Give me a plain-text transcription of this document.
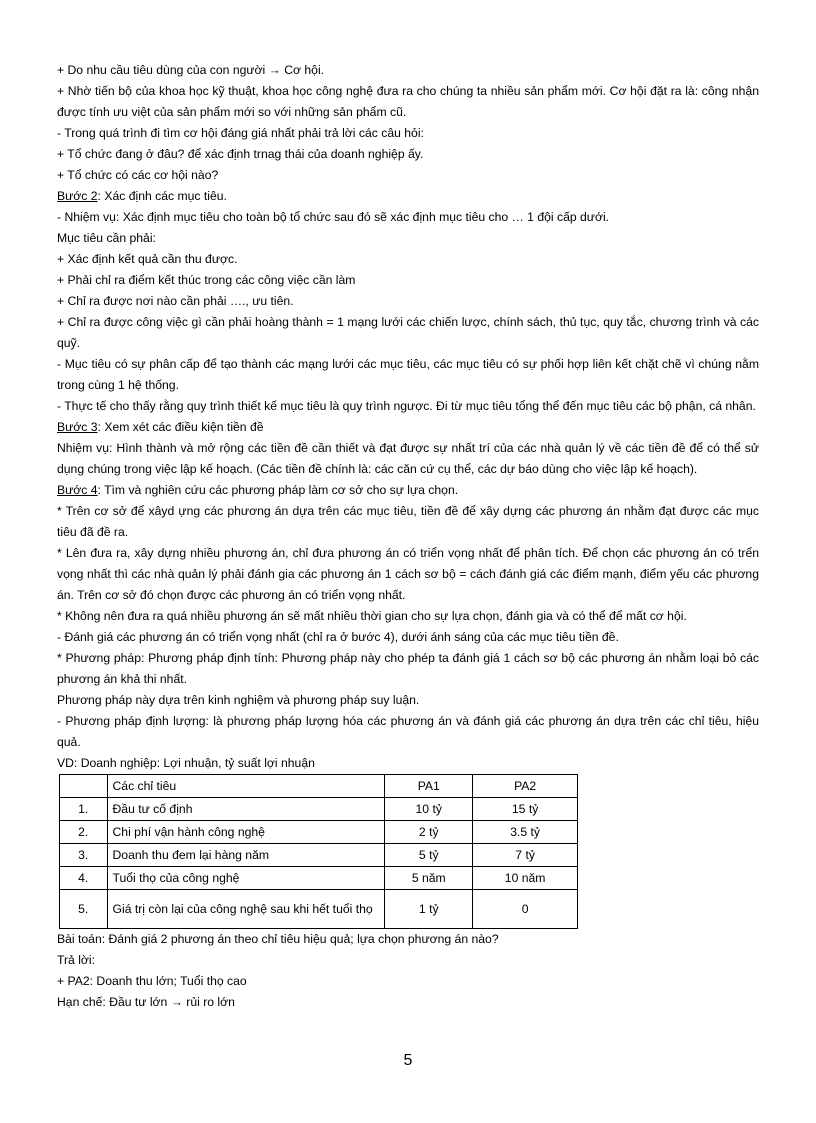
+ Do nhu cầu tiêu dùng của con người → Cơ hội.

+ Nhờ tiến bộ của khoa học kỹ thuật, khoa học công nghệ đưa ra cho chúng ta nhiều sản phẩm mới. Cơ hội đặt ra là: công nhận được tính ưu việt của sản phẩm mới so với những sản phẩm cũ.

- Trong quá trình đi tìm cơ hội đáng giá nhất phải trả lời các câu hỏi:

+ Tổ chức đang ở đâu? để xác định trnag thái của doanh nghiệp ấy.

+ Tổ chức có các cơ hội nào?

Bước 2: Xác định các mục tiêu.

- Nhiệm vụ: Xác định mục tiêu cho toàn bộ tổ chức sau đó sẽ xác định mục tiêu cho … 1 đội cấp dưới.

Mục tiêu cần phải:

+ Xác định kết quả cần thu được.

+ Phải chỉ ra điểm kết thúc trong các công việc cần làm

+ Chỉ ra được nơi nào cần phải …., ưu tiên.

+ Chỉ ra được công việc gì cần phải hoàng thành = 1 mạng lưới các chiến lược, chính sách, thủ tục, quy tắc, chương trình và các quỹ.

- Mục tiêu có sự phân cấp để tạo thành các mạng lưới các mục tiêu, các mục tiêu có sự phối hợp liên kết chặt chẽ vì chúng nằm trong cùng 1 hệ thống.

- Thực tế cho thấy rằng quy trình thiết kế mục tiêu là quy trình ngược. Đi từ mục tiêu tổng thể đến mục tiêu các bộ phận, cá nhân.

Bước 3: Xem xét các điều kiện tiền đề

Nhiệm vụ: Hình thành và mở rộng các tiền đề cần thiết và đạt được sự nhất trí của các nhà quản lý về các tiền đề để có thể sử dụng chúng trong việc lập kế hoạch. (Các tiền đề chính là: các căn cứ cụ thể, các dự báo dùng cho việc lập kế hoạch).

Bước 4: Tìm và nghiên cứu các phương pháp làm cơ sở cho sự lựa chọn.

* Trên cơ sở để xâyd ựng các phương án dựa trên các mục tiêu, tiền đề để xây dựng các phương án nhằm đạt được các mục tiêu đã đề ra.

* Lên đưa ra, xây dựng nhiều phương án, chỉ đưa phương án có triển vọng nhất để phân tích. Để chọn các phương án có trển vọng nhất thì các nhà quản lý phải đánh gia các phương án 1 cách sơ bộ = cách đánh giá các điểm mạnh, điểm yếu các phương án. Trên cơ sở đó chọn được các phương án có triển vọng nhất.

* Không nên đưa ra quá nhiều phương án sẽ mất nhiều thời gian cho sự lựa chọn, đánh gia và có thể để mất cơ hội.

- Đánh giá các phương án có triển vọng nhất (chỉ ra ở bước 4), dưới ánh sáng của các mục tiêu tiền đề.

* Phương pháp: Phương pháp định tính: Phương pháp này cho phép ta đánh giá 1 cách sơ bộ các phương án nhằm loại bỏ các phương án khả thi nhất.

Phương pháp này dựa trên kinh nghiệm và phương pháp suy luận.

- Phương pháp định lượng: là phương pháp lượng hóa các phương án và đánh giá các phương án dựa trên các chỉ tiêu, hiệu quả.

VD: Doanh nghiệp: Lợi nhuận, tỷ suất lợi nhuận

	Các chỉ tiêu	PA1	PA2
1.	Đầu tư cố định	10 tỷ	15 tỷ
2.	Chi phí vận hành công nghệ	2 tỷ	3.5 tỷ
3.	Doanh thu đem lại hàng năm	5 tỷ	7 tỷ
4.	Tuổi thọ của công nghệ	5 năm	10 năm
5.	Giá trị còn lại của công nghệ sau khi hết tuổi thọ	1 tỷ	0

Bài toán: Đánh giá 2 phương án theo chỉ tiêu hiệu quả; lựa chọn phương án nào?

Trả lời:

+ PA2: Doanh thu lớn; Tuổi thọ cao

Hạn chế: Đầu tư lớn → rủi ro lớn

5
